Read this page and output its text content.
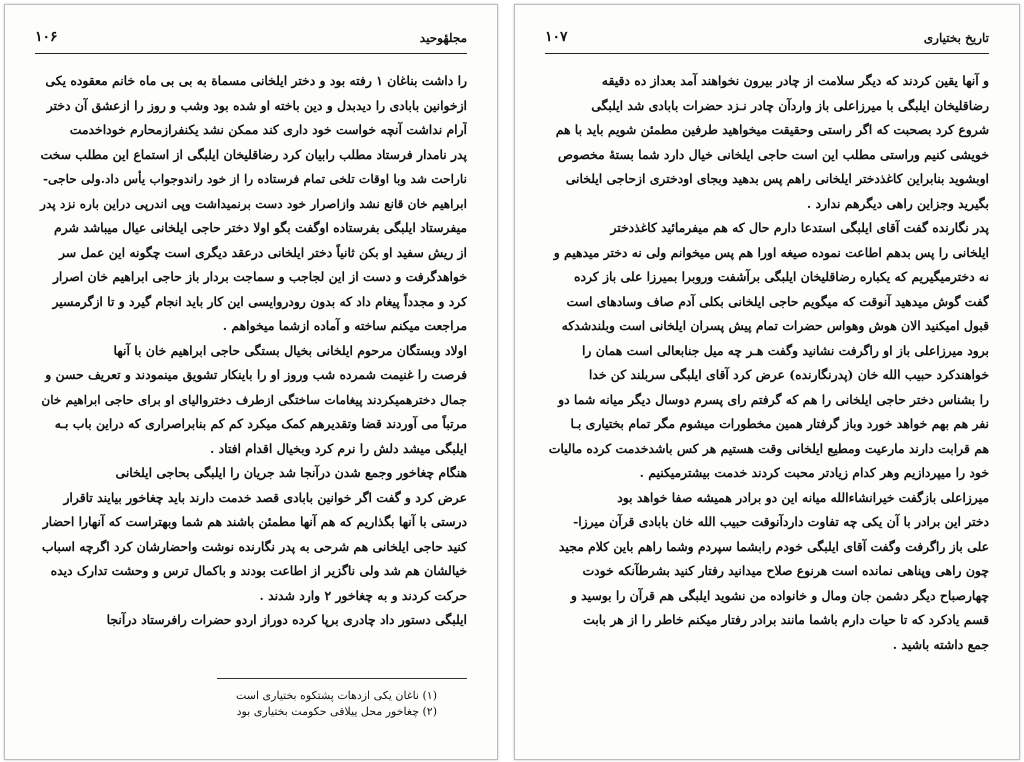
مجلهٔوحید
۱۰۶
را داشت بناغان ۱ رفته بود و دختر ایلخانی مسماة به بی بی ماه خانم معقوده یکی
ازخوانین بابادی را دیدبدل و دین باخته او شده بود وشب و روز را ازعشق آن دختر
آرام نداشت آنچه خواست خود داری کند ممکن نشد یکنفرازمحارم خوداخدمت
پدر نامدار فرستاد مطلب رابیان کرد رضاقلیخان ایلبگی از استماع این مطلب سخت
ناراحت شد وبا اوقات تلخی تمام فرستاده را از خود راندوجواب یأس داد.ولی حاجی-
ابراهیم خان قانع نشد وازاصرار خود دست برنمیداشت وپی اندرپی دراین باره نزد پدر
میفرستاد ایلبگی بفرستاده اوگفت بگو اولا دختر حاجی ایلخانی عیال میباشد شرم
از ریش سفید او بکن ثانیاً دختر ایلخانی درعقد دیگری است چگونه این عمل سر
خواهدگرفت و دست از این لجاجب و سماجت بردار باز حاجی ابراهیم خان اصرار
کرد و مجدداً پیغام داد که بدون رودروایسی این کار باید انجام گیرد و تا ازگرمسیر
مراجعت میکنم ساخته و آماده ازشما میخواهم .
اولاد وبستگان مرحوم ایلخانی بخیال بستگی حاجی ابراهیم خان با آنها
فرصت را غنیمت شمرده شب وروز او را باینکار تشویق مینمودند و تعریف حسن و
جمال دخترهمیکردند پیغامات ساختگی ازطرف دختروالیای او برای حاجی ابراهیم خان
مرتباً می آوردند قضا وتقدیرهم کمک میکرد کم کم بنابراصراری که دراین باب بـه
ایلبگی میشد دلش را نرم کرد وبخیال اقدام افتاد .
هنگام چغاخور وجمع شدن درآنجا شد جریان را ایلبگی بحاجی ایلخانی
عرض کرد و گفت اگر خوانین بابادی قصد خدمت دارند باید چغاخور بیایند تاقرار
درستی با آنها بگذاریم که هم آنها مطمئن باشند هم شما وبهتراست که آنهارا احضار
کنید حاجی ایلخانی هم شرحی به پدر نگارنده نوشت واحضارشان کرد اگرچه اسباب
خیالشان هم شد ولی ناگزیر از اطاعت بودند و باکمال ترس و وحشت تدارک دیده
حرکت کردند و به چغاخور ۲ وارد شدند .
ایلبگی دستور داد چادری برپا کرده دوراز اردو حضرات رافرستاد درآنجا
(۱) ناغان یکی ازدهات پشتکوه بختیاری است
(۲) چغاخور محل ییلاقی حکومت بختیاری بود
تاریخ بختیاری
۱۰۷
و آنها یقین کردند که دیگر سلامت از چادر بیرون نخواهند آمد بعداز ده دقیقه
رضاقلیخان ایلبگی با میرزاعلی باز واردآن چادر نـزد حضرات بابادی شد ایلبگی
شروع کرد بصحبت که اگر راستی وحقیقت میخواهید طرفین مطمئن شویم باید با هم
خویشی کنیم وراستی مطلب این است حاجی ایلخانی خیال دارد شما بستهٔ مخصوص
اوبشوید بنابراین کاغذدختر ایلخانی راهم پس بدهید وبجای اودختری ازحاجی ایلخانی
بگیرید وجزاین راهی دیگرهم ندارد .
پدر نگارنده گفت آقای ایلبگی استدعا دارم حال که هم میفرمائید کاغذدختر
ایلخانی را پس بدهم اطاعت نموده صیغه اورا هم پس میخوانم ولی نه دختر میدهیم و
نه دخترمیگیریم که یکباره رضاقلیخان ایلبگی برآشفت وروبرا بمیرزا علی باز کرده
گفت گوش میدهید آنوقت که میگویم حاجی ایلخانی بکلی آدم صاف وسادهای است
قبول امیکنید الان هوش وهواس حضرات تمام پیش پسران ایلخانی است وبلندشدکه
برود میرزاعلی باز او راگرفت نشانید وگفت هـر چه میل جنابعالی است همان را
خواهندکرد حبیب الله خان (پدرنگارنده) عرض کرد آقای ایلبگی سربلند کن خدا
را بشناس دختر حاجی ایلخانی را هم که گرفتم رای پسرم دوسال دیگر میانه شما دو
نفر هم بهم خواهد خورد وباز گرفتار همین مخطورات میشوم مگر تمام بختیاری بـا
هم قرابت دارند مارعیت ومطیع ایلخانی وقت هستیم هر کس باشدخدمت کرده مالیات
خود را میپردازیم وهر کدام زیادتر محبت کردند خدمت بیشترمیکنیم .
میرزاعلی بازگفت خیرانشاءالله میانه این دو برادر همیشه صفا خواهد بود
دختر این برادر با آن یکی چه تفاوت داردآنوقت حبیب الله خان بابادی قرآن میرزا-
علی باز راگرفت وگفت آقای ایلبگی خودم رابشما سپردم وشما راهم باین کلام مجید
چون راهی وپناهی نمانده است هرنوع صلاح میدانید رفتار کنید بشرطآنکه خودت
چهارصباح دیگر دشمن جان ومال و خانواده من نشوید ایلبگی هم قرآن را بوسید و
قسم یادکرد که تا حیات دارم باشما مانند برادر رفتار میکنم خاطر را از هر بابت
جمع داشته باشید .
